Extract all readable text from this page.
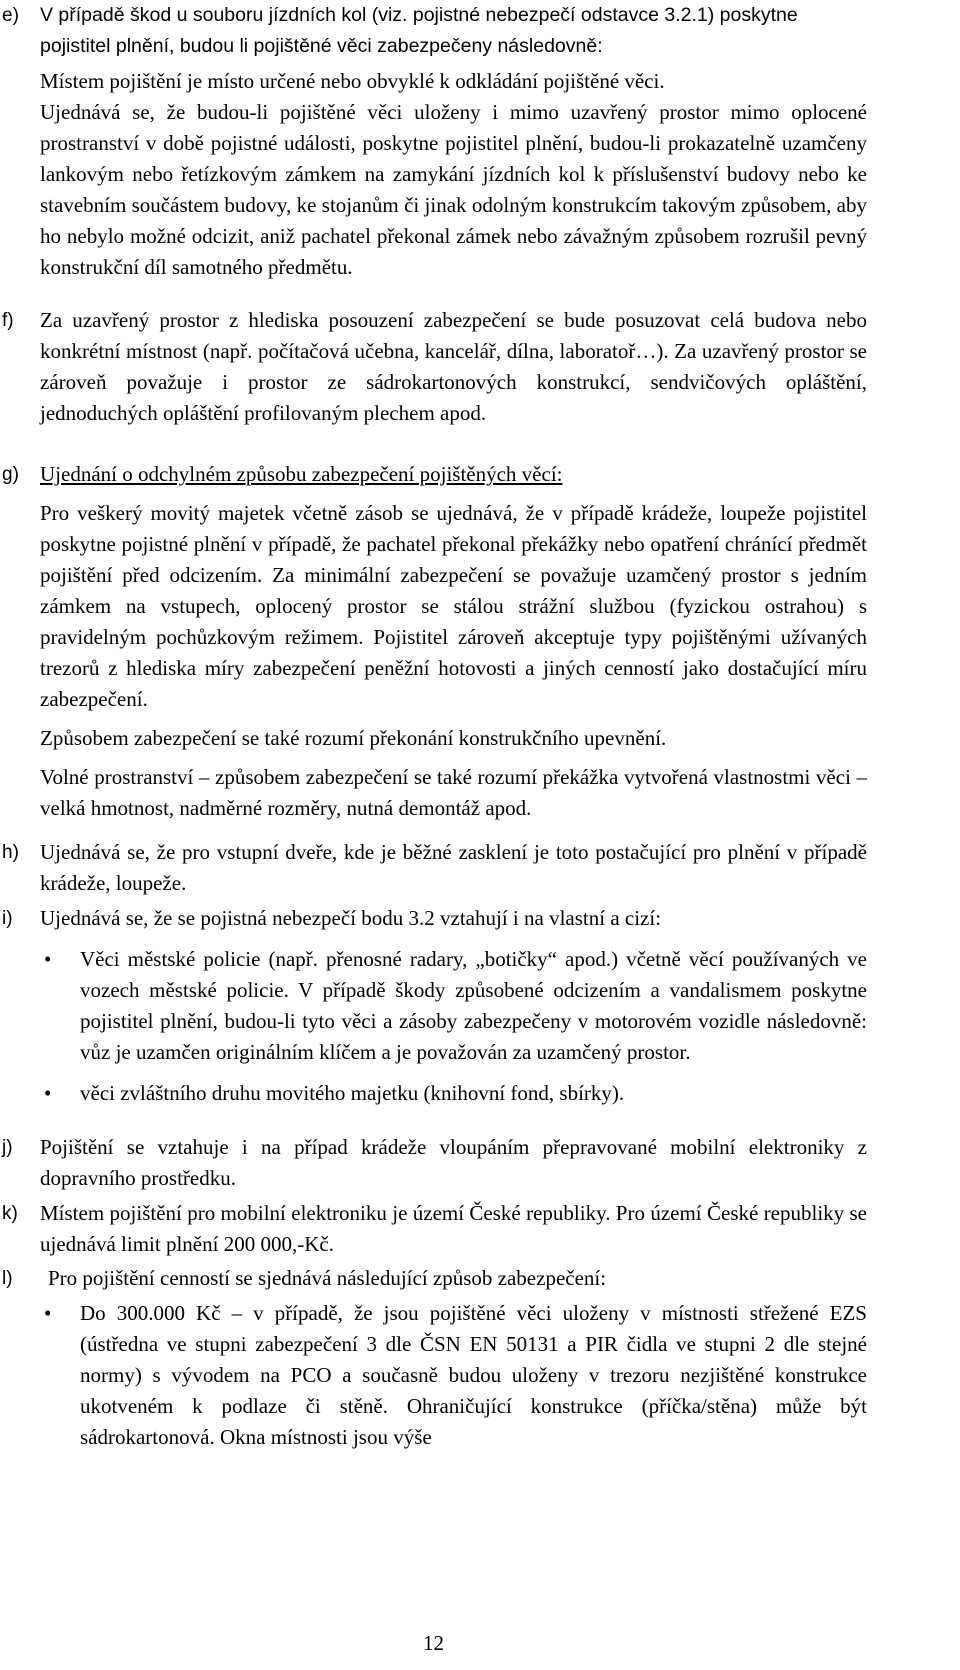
e) V případě škod u souboru jízdních kol (viz. pojistné nebezpečí odstavce 3.2.1) poskytne pojistitel plnění, budou li pojištěné věci zabezpečeny následovně:
Místem pojištění je místo určené nebo obvyklé k odkládání pojištěné věci.
Ujednává se, že budou-li pojištěné věci uloženy i mimo uzavřený prostor mimo oplocené prostranství v době pojistné události, poskytne pojistitel plnění, budou-li prokazatelně uzamčeny lankovým nebo řetízkovým zámkem na zamykání jízdních kol k příslušenství budovy nebo ke stavebním součástem budovy, ke stojanům či jinak odolným konstrukcím takovým způsobem, aby ho nebylo možné odcizit, aniž pachatel překonal zámek nebo závažným způsobem rozrušil pevný konstrukční díl samotného předmětu.
f) Za uzavřený prostor z hlediska posouzení zabezpečení se bude posuzovat celá budova nebo konkrétní místnost (např. počítačová učebna, kancelář, dílna, laboratoř…). Za uzavřený prostor se zároveň považuje i prostor ze sádrokartonových konstrukcí, sendvičových opláštění, jednoduchých opláštění profilovaným plechem apod.
g) Ujednání o odchylném způsobu zabezpečení pojištěných věcí:
Pro veškerý movitý majetek včetně zásob se ujednává, že v případě krádeže, loupeže pojistitel poskytne pojistné plnění v případě, že pachatel překonal překážky nebo opatření chránící předmět pojištění před odcizením. Za minimální zabezpečení se považuje uzamčený prostor s jedním zámkem na vstupech, oplocený prostor se stálou strážní službou (fyzickou ostrahou) s pravidelným pochůzkovým režimem. Pojistitel zároveň akceptuje typy pojištěnými užívaných trezorů z hlediska míry zabezpečení peněžní hotovosti a jiných cenností jako dostačující míru zabezpečení.
Způsobem zabezpečení se také rozumí překonání konstrukčního upevnění.
Volné prostranství – způsobem zabezpečení se také rozumí překážka vytvořená vlastnostmi věci – velká hmotnost, nadměrné rozměry, nutná demontáž apod.
h) Ujednává se, že pro vstupní dveře, kde je běžné zasklení je toto postačující pro plnění v případě krádeže, loupeže.
i) Ujednává se, že se pojistná nebezpečí bodu 3.2 vztahují i na vlastní a cizí:
• Věci městské policie (např. přenosné radary, „botičky“ apod.) včetně věcí používaných ve vozech městské policie. V případě škody způsobené odcizením a vandalismem poskytne pojistitel plnění, budou-li tyto věci a zásoby zabezpečeny v motorovém vozidle následovně: vůz je uzamčen originálním klíčem a je považován za uzamčený prostor.
• věci zvláštního druhu movitého majetku (knihovní fond, sbírky).
j) Pojištění se vztahuje i na případ krádeže vloupáním přepravované mobilní elektroniky z dopravního prostředku.
k) Místem pojištění pro mobilní elektroniku je území České republiky. Pro území České republiky se ujednává limit plnění 200 000,-Kč.
l)	Pro pojištění cenností se sjednává následující způsob zabezpečení:
• Do 300.000 Kč – v případě, že jsou pojištěné věci uloženy v místnosti střežené EZS (ústředna ve stupni zabezpečení 3 dle ČSN EN 50131 a PIR čidla ve stupni 2 dle stejné normy) s vývodem na PCO a současně budou uloženy v trezoru nezjištěné konstrukce ukotveném k podlaze či stěně. Ohraničující konstrukce (příčka/stěna) může být sádrokartonová. Okna místnosti jsou výše
12
